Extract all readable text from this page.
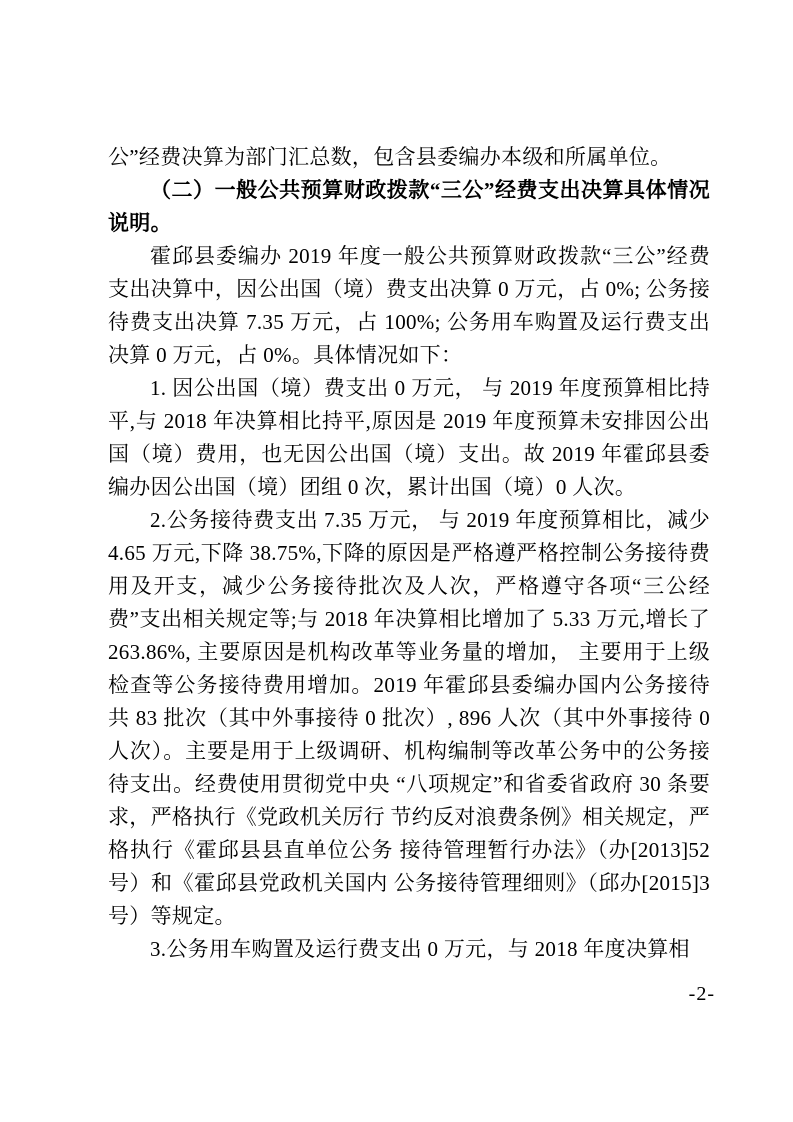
公”经费决算为部门汇总数，包含县委编办本级和所属单位。

（二）一般公共预算财政拨款“三公”经费支出决算具体情况说明。

霍邱县委编办 2019 年度一般公共预算财政拨款“三公”经费支出决算中，因公出国（境）费支出决算 0 万元，占 0%; 公务接待费支出决算 7.35 万元，占 100%; 公务用车购置及运行费支出决算 0 万元，占 0%。具体情况如下：

1. 因公出国（境）费支出 0 万元， 与 2019 年度预算相比持平,与 2018 年决算相比持平,原因是 2019 年度预算未安排因公出国（境）费用，也无因公出国（境）支出。故 2019 年霍邱县委编办因公出国（境）团组 0 次，累计出国（境）0 人次。

2.公务接待费支出 7.35 万元， 与 2019 年度预算相比，减少 4.65 万元,下降 38.75%,下降的原因是严格遵严格控制公务接待费用及开支，减少公务接待批次及人次，严格遵守各项“三公经费”支出相关规定等;与 2018 年决算相比增加了 5.33 万元,增长了 263.86%, 主要原因是机构改革等业务量的增加， 主要用于上级检查等公务接待费用增加。2019 年霍邱县委编办国内公务接待共 83 批次（其中外事接待 0 批次）, 896 人次（其中外事接待 0 人次）。主要是用于上级调研、机构编制等改革公务中的公务接待支出。经费使用贯彻党中央 “八项规定”和省委省政府 30 条要求，严格执行《党政机关厉行 节约反对浪费条例》相关规定，严格执行《霍邱县县直单位公务 接待管理暂行办法》（办[2013]52号）和《霍邱县党政机关国内 公务接待管理细则》（邱办[2015]3号）等规定。

3.公务用车购置及运行费支出 0 万元，与 2018 年度决算相

-2-
